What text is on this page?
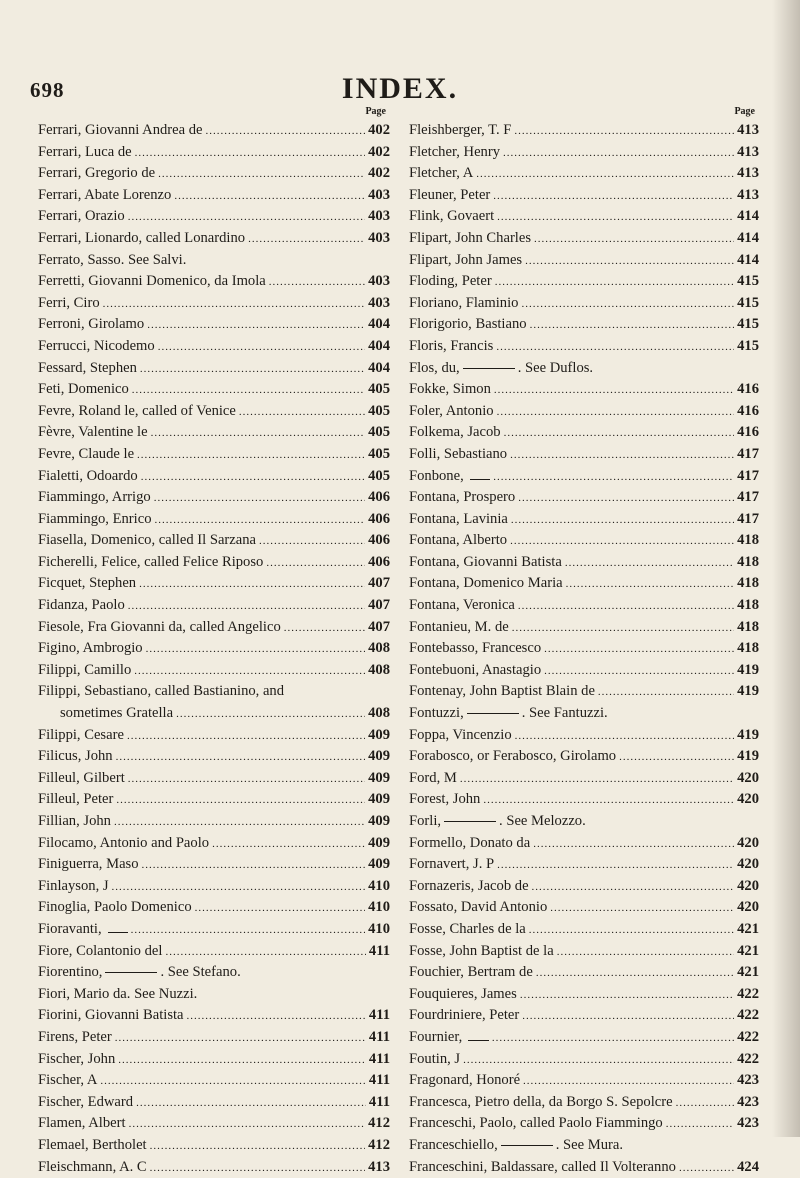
698	INDEX.
Page
Ferrari, Giovanni Andrea de .....	402
Ferrari, Luca de .....	402
Ferrari, Gregorio de .....	402
Ferrari, Abate Lorenzo .....	403
Ferrari, Orazio .....	403
Ferrari, Lionardo, called Lonardino .....	403
Ferrato, Sasso. See Salvi.
Ferretti, Giovanni Domenico, da Imola .....	403
Ferri, Ciro .....	403
Ferroni, Girolamo .....	404
Ferrucci, Nicodemo .....	404
Fessard, Stephen .....	404
Feti, Domenico .....	405
Fevre, Roland le, called of Venice .....	405
Fèvre, Valentine le .....	405
Fevre, Claude le .....	405
Fialetti, Odoardo .....	405
Fiammingo, Arrigo .....	406
Fiammingo, Enrico .....	406
Fiasella, Domenico, called Il Sarzana .....	406
Ficherelli, Felice, called Felice Riposo .....	406
Ficquet, Stephen .....	407
Fidanza, Paolo .....	407
Fiesole, Fra Giovanni da, called Angelico .....	407
Figino, Ambrogio .....	408
Filippi, Camillo .....	408
Filippi, Sebastiano, called Bastianino, and
sometimes Gratella .....	408
Filippi, Cesare .....	409
Filicus, John .....	409
Filleul, Gilbert .....	409
Filleul, Peter .....	409
Fillian, John .....	409
Filocamo, Antonio and Paolo .....	409
Finiguerra, Maso .....	409
Finlayson, J .....	410
Finoglia, Paolo Domenico .....	410
Fioravanti, .....	410
Fiore, Colantonio del .....	411
Fiorentino,	. See Stefano.
Fiori, Mario da. See Nuzzi.
Fiorini, Giovanni Batista .....	411
Firens, Peter .....	411
Fischer, John .....	411
Fischer, A .....	411
Fischer, Edward .....	411
Flamen, Albert .....	412
Flemael, Bertholet .....	412
Fleischmann, A. C .....	413
Page
Fleishberger, T. F .....	413
Fletcher, Henry .....	413
Fletcher, A .....	413
Fleuner, Peter .....	413
Flink, Govaert .....	414
Flipart, John Charles .....	414
Flipart, John James .....	414
Floding, Peter .....	415
Floriano, Flaminio .....	415
Florigorio, Bastiano .....	415
Floris, Francis .....	415
Flos, du,	. See Duflos.
Fokke, Simon .....	416
Foler, Antonio .....	416
Folkema, Jacob .....	416
Folli, Sebastiano .....	417
Fonbone, .....	417
Fontana, Prospero .....	417
Fontana, Lavinia .....	417
Fontana, Alberto .....	418
Fontana, Giovanni Batista .....	418
Fontana, Domenico Maria .....	418
Fontana, Veronica .....	418
Fontanieu, M. de .....	418
Fontebasso, Francesco .....	418
Fontebuoni, Anastagio .....	419
Fontenay, John Baptist Blain de .....	419
Fontuzzi,	. See Fantuzzi.
Foppa, Vincenzio .....	419
Forabosco, or Ferabosco, Girolamo .....	419
Ford, M .....	420
Forest, John .....	420
Forli,	. See Melozzo.
Formello, Donato da .....	420
Fornavert, J. P .....	420
Fornazeris, Jacob de .....	420
Fossato, David Antonio .....	420
Fosse, Charles de la .....	421
Fosse, John Baptist de la .....	421
Fouchier, Bertram de .....	421
Fouquieres, James .....	422
Fourdriniere, Peter .....	422
Fournier, .....	422
Foutin, J .....	422
Fragonard, Honoré .....	423
Francesca, Pietro della, da Borgo S. Sepolcre .....	423
Franceschi, Paolo, called Paolo Fiammingo .....	423
Franceschiello,	. See Mura.
Franceschini, Baldassare, called Il Volteranno .....	424
